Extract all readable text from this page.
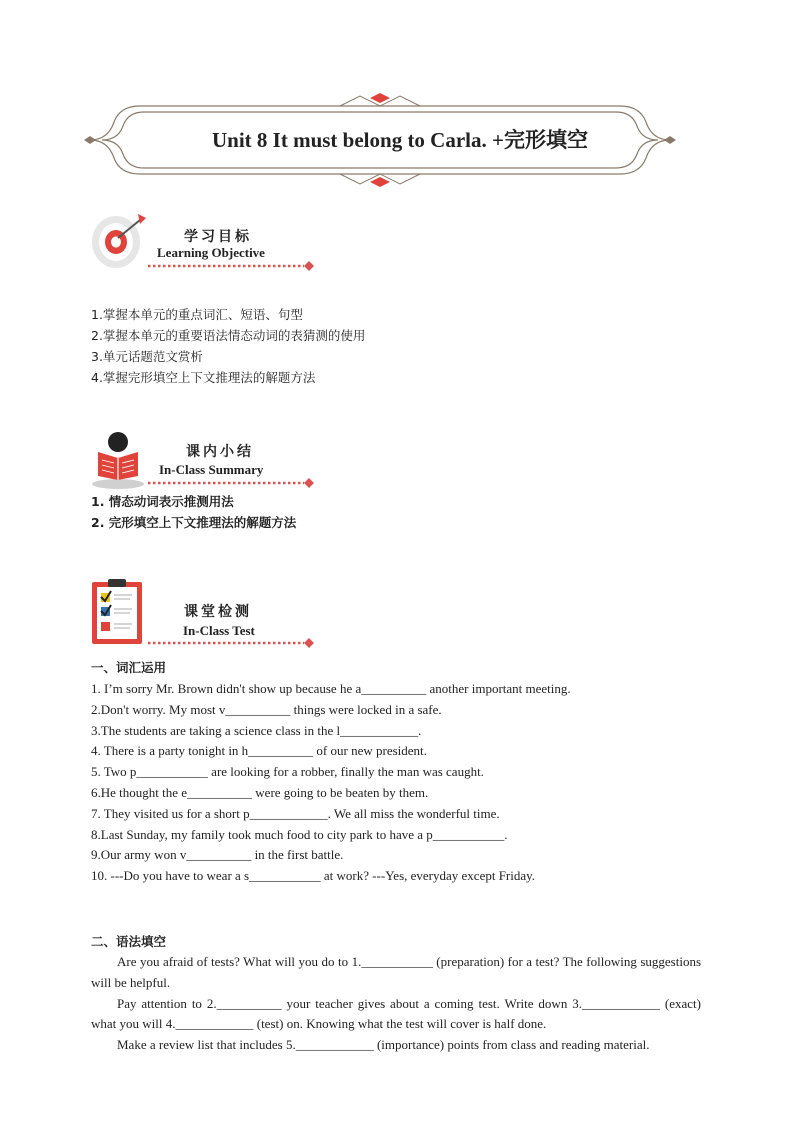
Unit 8 It must belong to Carla. +完形填空
学习目标
Learning Objective
1.掌握本单元的重点词汇、短语、句型
2.掌握本单元的重要语法情态动词的表猜测的使用
3.单元话题范文赏析
4.掌握完形填空上下文推理法的解题方法
课内小结
In-Class Summary
1. 情态动词表示推测用法
2. 完形填空上下文推理法的解题方法
课堂检测
In-Class Test
一、词汇运用
1. I’m sorry Mr. Brown didn't show up because he a__________ another important meeting.
2.Don't worry. My most v__________ things were locked in a safe.
3.The students are taking a science class in the l____________.
4. There is a party tonight in h__________ of our new president.
5. Two p___________ are looking for a robber, finally the man was caught.
6.He thought the e__________ were going to be beaten by them.
7. They visited us for a short p____________. We all miss the wonderful time.
8.Last Sunday, my family took much food to city park to have a p___________.
9.Our army won v__________ in the first battle.
10. ---Do you have to wear a s___________ at work? ---Yes, everyday except Friday.
二、语法填空
Are you afraid of tests? What will you do to 1.___________ (preparation) for a test? The following suggestions will be helpful.
Pay attention to 2.__________ your teacher gives about a coming test. Write down 3.____________ (exact) what you will 4.____________ (test) on. Knowing what the test will cover is half done.
Make a review list that includes 5.____________ (importance) points from class and reading material.
